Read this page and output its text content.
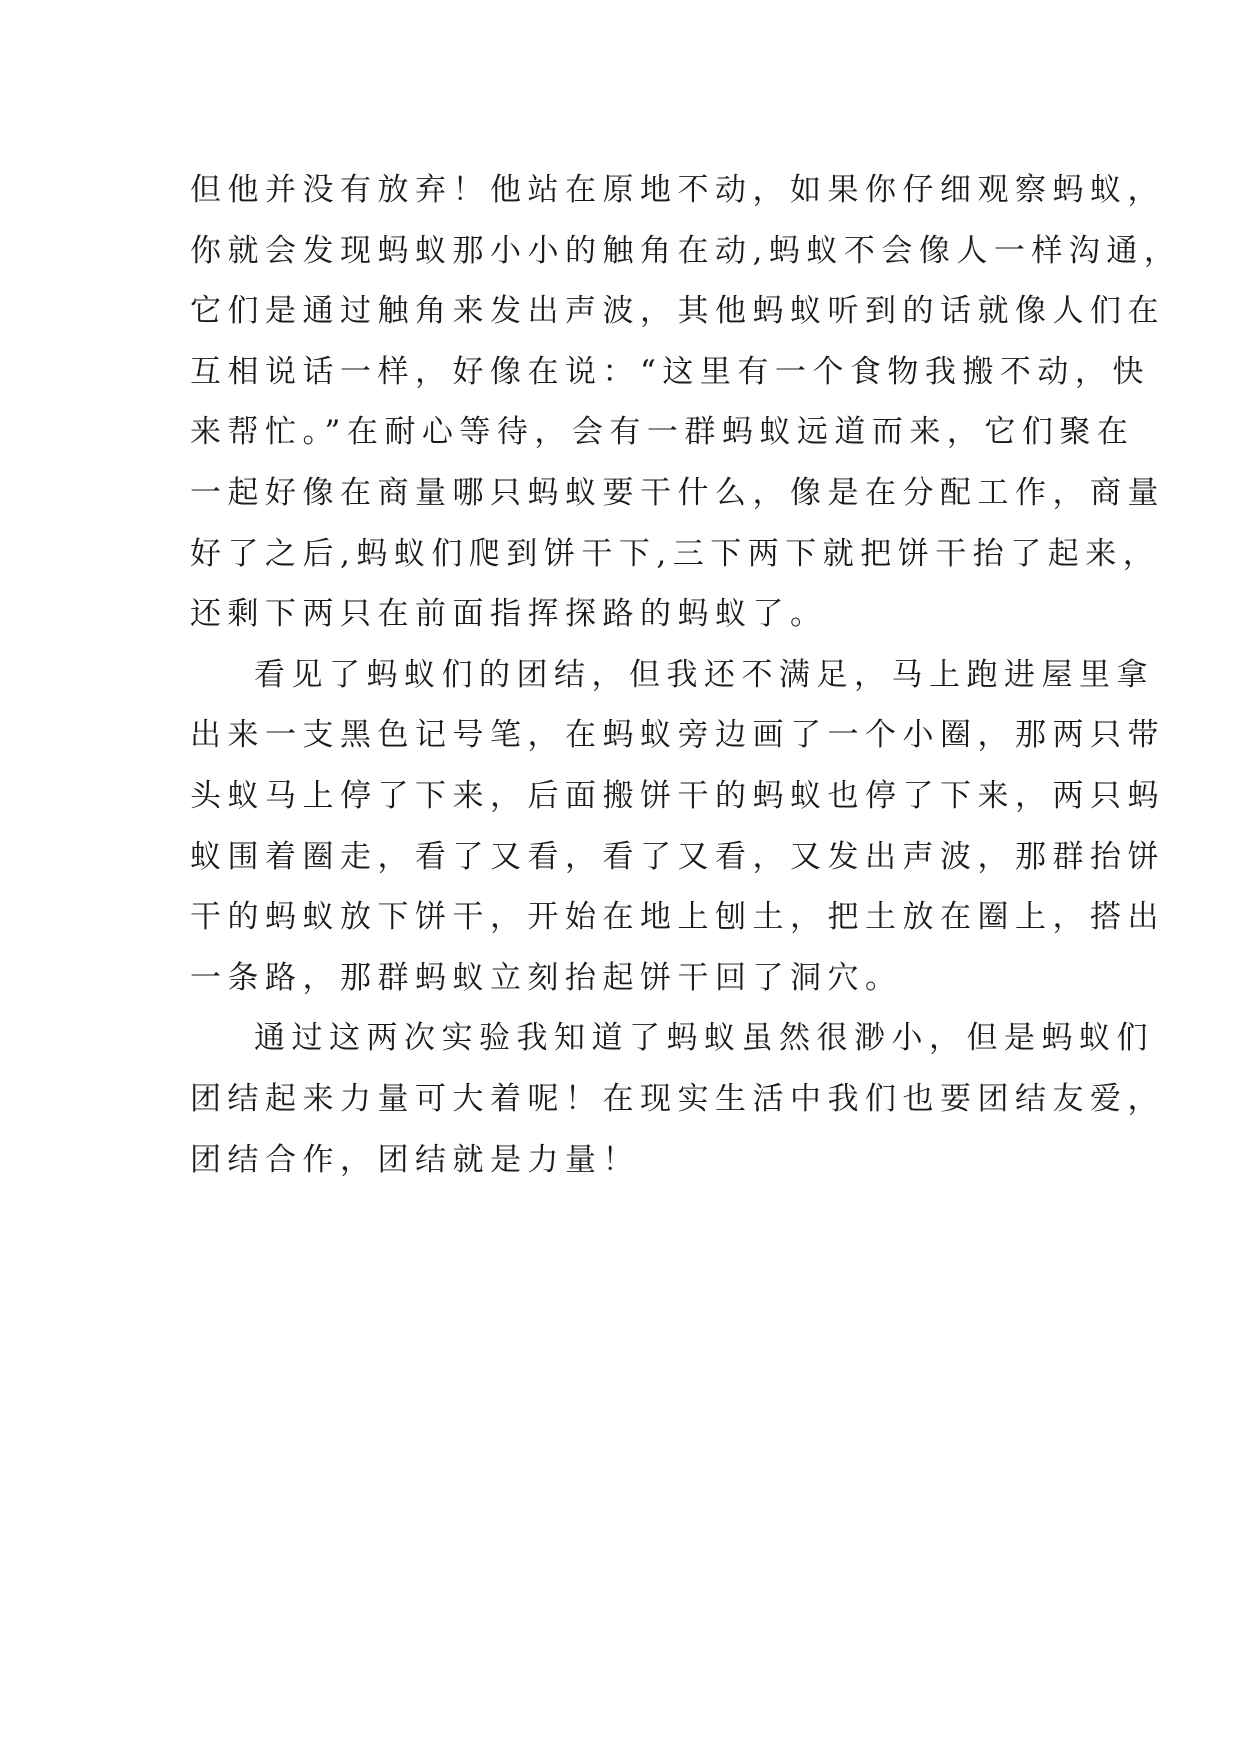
但他并没有放弃！他站在原地不动，如果你仔细观察蚂蚁，
你就会发现蚂蚁那小小的触角在动,蚂蚁不会像人一样沟通，
它们是通过触角来发出声波，其他蚂蚁听到的话就像人们在
互相说话一样，好像在说：“这里有一个食物我搬不动，快
来帮忙。”在耐心等待，会有一群蚂蚁远道而来，它们聚在
一起好像在商量哪只蚂蚁要干什么，像是在分配工作，商量
好了之后,蚂蚁们爬到饼干下,三下两下就把饼干抬了起来，
还剩下两只在前面指挥探路的蚂蚁了。
看见了蚂蚁们的团结，但我还不满足，马上跑进屋里拿
出来一支黑色记号笔，在蚂蚁旁边画了一个小圈，那两只带
头蚁马上停了下来，后面搬饼干的蚂蚁也停了下来，两只蚂
蚁围着圈走，看了又看，看了又看，又发出声波，那群抬饼
干的蚂蚁放下饼干，开始在地上刨土，把土放在圈上，搭出
一条路，那群蚂蚁立刻抬起饼干回了洞穴。
通过这两次实验我知道了蚂蚁虽然很渺小，但是蚂蚁们
团结起来力量可大着呢！在现实生活中我们也要团结友爱，
团结合作，团结就是力量！
